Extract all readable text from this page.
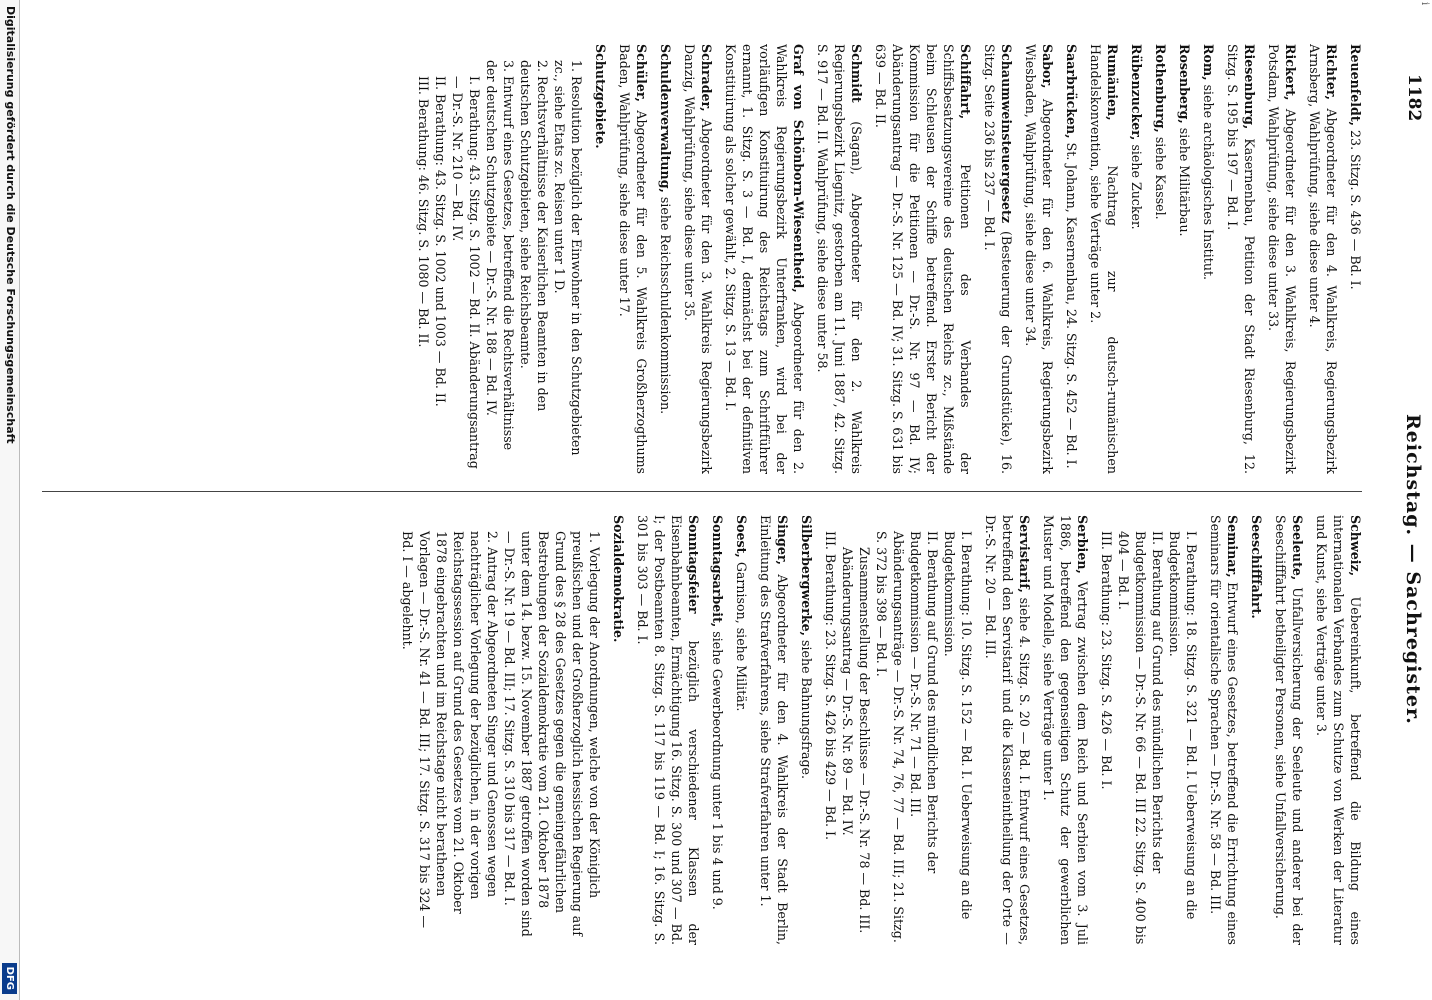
i
1182
Reichstag. — Sachregister.

Reuenfeldt, 23. Sitzg. S. 436 — Bd. I.

Richter, Abgeordneter für den 4. Wahlkreis, Regierungsbezirk Arnsberg, Wahlprüfung, siehe diese unter 4.

Rickert, Abgeordneter für den 3. Wahlkreis, Regierungsbezirk Potsdam, Wahlprüfung, siehe diese unter 33.

Riesenburg, Kasernenbau, Petition der Stadt Riesenburg, 12. Sitzg. S. 195 bis 197 — Bd. I.

Rom, siehe archäologisches Institut.

Rosenberg, siehe Militärbau.

Rothenburg, siehe Kassel.

Rübenzucker, siehe Zucker.

Rumänien, Nachtrag zur deutsch-rumänischen Handelskonvention, siehe Verträge unter 2.

Saarbrücken, St. Johann, Kasernenbau, 24. Sitzg. S. 452 — Bd. I.

Sabor, Abgeordneter für den 6. Wahlkreis, Regierungsbezirk Wiesbaden, Wahlprüfung, siehe diese unter 34.

Schaumweinsteuergesetz (Besteuerung der Grundstücke), 16. Sitzg. Seite 236 bis 237 — Bd. I.

Schiffahrt, Petitionen des Verbandes der Schiffsbesatzungsvereine des deutschen Reichs zc., Mißstände beim Schleusen der Schiffe betreffend. Erster Bericht der Kommission für die Petitionen — Dr.-S. Nr. 97 — Bd. IV; Abänderungsantrag — Dr.-S. Nr. 125 — Bd. IV; 31. Sitzg. S. 631 bis 639 — Bd. II.

Schmidt (Sagan), Abgeordneter für den 2. Wahlkreis Regierungsbezirk Liegnitz, gestorben am 11. Juni 1887, 42. Sitzg. S. 917 — Bd. II. Wahlprüfung, siehe diese unter 58.

Graf von Schönborn-Wiesentheid, Abgeordneter für den 2. Wahlkreis Regierungsbezirk Unterfranken, wird bei der vorläufigen Konstituirung des Reichstags zum Schriftführer ernannt, 1. Sitzg. S. 3 — Bd. I, demnächst bei der definitiven Konstituirung als solcher gewählt, 2. Sitzg. S. 13 — Bd. I.

Schrader, Abgeordneter für den 3. Wahlkreis Regierungsbezirk Danzig, Wahlprüfung, siehe diese unter 35.

Schuldenverwaltung, siehe Reichsschuldenkommission.

Schüler, Abgeordneter für den 5. Wahlkreis Großherzogthums Baden, Wahlprüfung, siehe diese unter 17.

Schutzgebiete.

1. Resolution bezüglich der Einwohner in den Schutzgebieten zc., siehe Etats zc. Reisen unter 1 D.

2. Rechtsverhältnisse der Kaiserlichen Beamten in den deutschen Schutzgebieten, siehe Reichsbeamte.

3. Entwurf eines Gesetzes, betreffend die Rechtsverhältnisse der deutschen Schutzgebiete — Dr.-S. Nr. 188 — Bd. IV.

I. Berathung: 43. Sitzg. S. 1002 — Bd. II. Abänderungsantrag — Dr.-S. Nr. 210 — Bd. IV.

II. Berathung: 43. Sitzg. S. 1002 und 1003 — Bd. II.

III. Berathung: 46. Sitzg. S. 1080 — Bd. II.

Schweiz, Uebereinkunft, betreffend die Bildung eines internationalen Verbandes zum Schutze von Werken der Literatur und Kunst, siehe Verträge unter 3.

Seeleute, Unfallversicherung der Seeleute und anderer bei der Seeschifffahrt betheiligter Personen, siehe Unfallversicherung.

Seeschifffahrt.

Seminar, Entwurf eines Gesetzes, betreffend die Errichtung eines Seminars für orientalische Sprachen — Dr.-S. Nr. 58 — Bd. III.

I. Berathung: 18. Sitzg. S. 321 — Bd. I. Ueberweisung an die Budgetkommission.

II. Berathung auf Grund des mündlichen Berichts der Budgetkommission — Dr.-S. Nr. 66 — Bd. III 22. Sitzg. S. 400 bis 404 — Bd. I.

III. Berathung: 23. Sitzg. S. 426 — Bd. I.

Serbien, Vertrag zwischen dem Reich und Serbien vom 3. Juli 1886, betreffend den gegenseitigen Schutz der gewerblichen Muster und Modelle, siehe Verträge unter 1.

Servistarif, siehe 4. Sitzg. S. 20 — Bd. I. Entwurf eines Gesetzes, betreffend den Servistarif und die Klasseneintheilung der Orte — Dr.-S. Nr. 20 — Bd. III.

I. Berathung: 10. Sitzg. S. 152 — Bd. I. Ueberweisung an die Budgetkommission.

II. Berathung auf Grund des mündlichen Berichts der Budgetkommission — Dr.-S. Nr. 71 — Bd. III. Abänderungsanträge — Dr.-S. Nr. 74, 76, 77 — Bd. III; 21. Sitzg. S. 372 bis 398 — Bd. I.

Zusammenstellung der Beschlüsse — Dr.-S. Nr. 78 — Bd. III.

Abänderungsantrag — Dr.-S. Nr. 89 — Bd. IV.

III. Berathung: 23. Sitzg. S. 426 bis 429 — Bd. I.

Silberbergwerke, siehe Bahnungsfrage.

Singer, Abgeordneter für den 4. Wahlkreis der Stadt Berlin, Einleitung des Strafverfahrens, siehe Strafverfahren unter 1.

Soest, Garnison, siehe Militär.

Sonntagsarbeit, siehe Gewerbeordnung unter 1 bis 4 und 9.

Sonntagsfeier bezüglich verschiedener Klassen der Eisenbahnbeamten, Ermächtigung 16. Sitzg. S. 300 und 307 — Bd. I; der Postbeamten 8. Sitzg. S. 117 bis 119 — Bd. I; 16. Sitzg. S. 301 bis 303 — Bd. I.

Sozialdemokratie.

1. Vorlegung der Anordnungen, welche von der Königlich preußischen und der Großherzoglich hessischen Regierung auf Grund des § 28 des Gesetzes gegen die gemeingefährlichen Bestrebungen der Sozialdemokratie vom 21. Oktober 1878 unter dem 14. bezw. 15. November 1887 getroffen worden sind — Dr.-S. Nr. 19 — Bd. III; 17. Sitzg. S. 310 bis 317 — Bd. I.

2. Antrag der Abgeordneten Singer und Genossen wegen nachträglicher Vorlegung der bezüglichen, in der vorigen Reichstagssession auf Grund des Gesetzes vom 21. Oktober 1878 eingebrachten und im Reichstage nicht berathenen Vorlagen — Dr.-S. Nr. 41 — Bd. III; 17. Sitzg. S. 317 bis 324 — Bd. I — abgelehnt.

Digitalisierung gefördert durch die Deutsche Forschungsgemeinschaft
DFG
